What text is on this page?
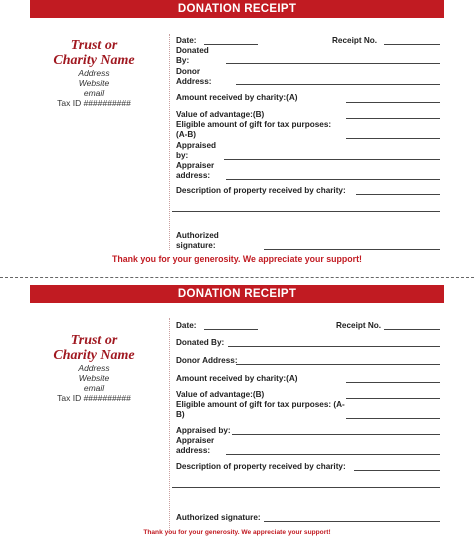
DONATION RECEIPT
Trust or
Charity Name
Address
Website
email
Tax ID ##########
Date:	Receipt No.
Donated
By:
Donor
Address:
Amount received by charity:(A)
Value of advantage:(B)
Eligible amount of gift for tax purposes:
(A-B)
Appraised
by:
Appraiser
address:
Description of property received by charity:
Authorized
signature:
Thank you for your generosity. We appreciate your support!
DONATION RECEIPT
Trust or
Charity Name
Address
Website
email
Tax ID ##########
Date:	Receipt No.
Donated By:
Donor Address:
Amount received by charity:(A)
Value of advantage:(B)
Eligible amount of gift for tax purposes: (A-
B)
Appraised by:
Appraiser
address:
Description of property received by charity:
Authorized signature:
Thank you for your generosity. We appreciate your support!
